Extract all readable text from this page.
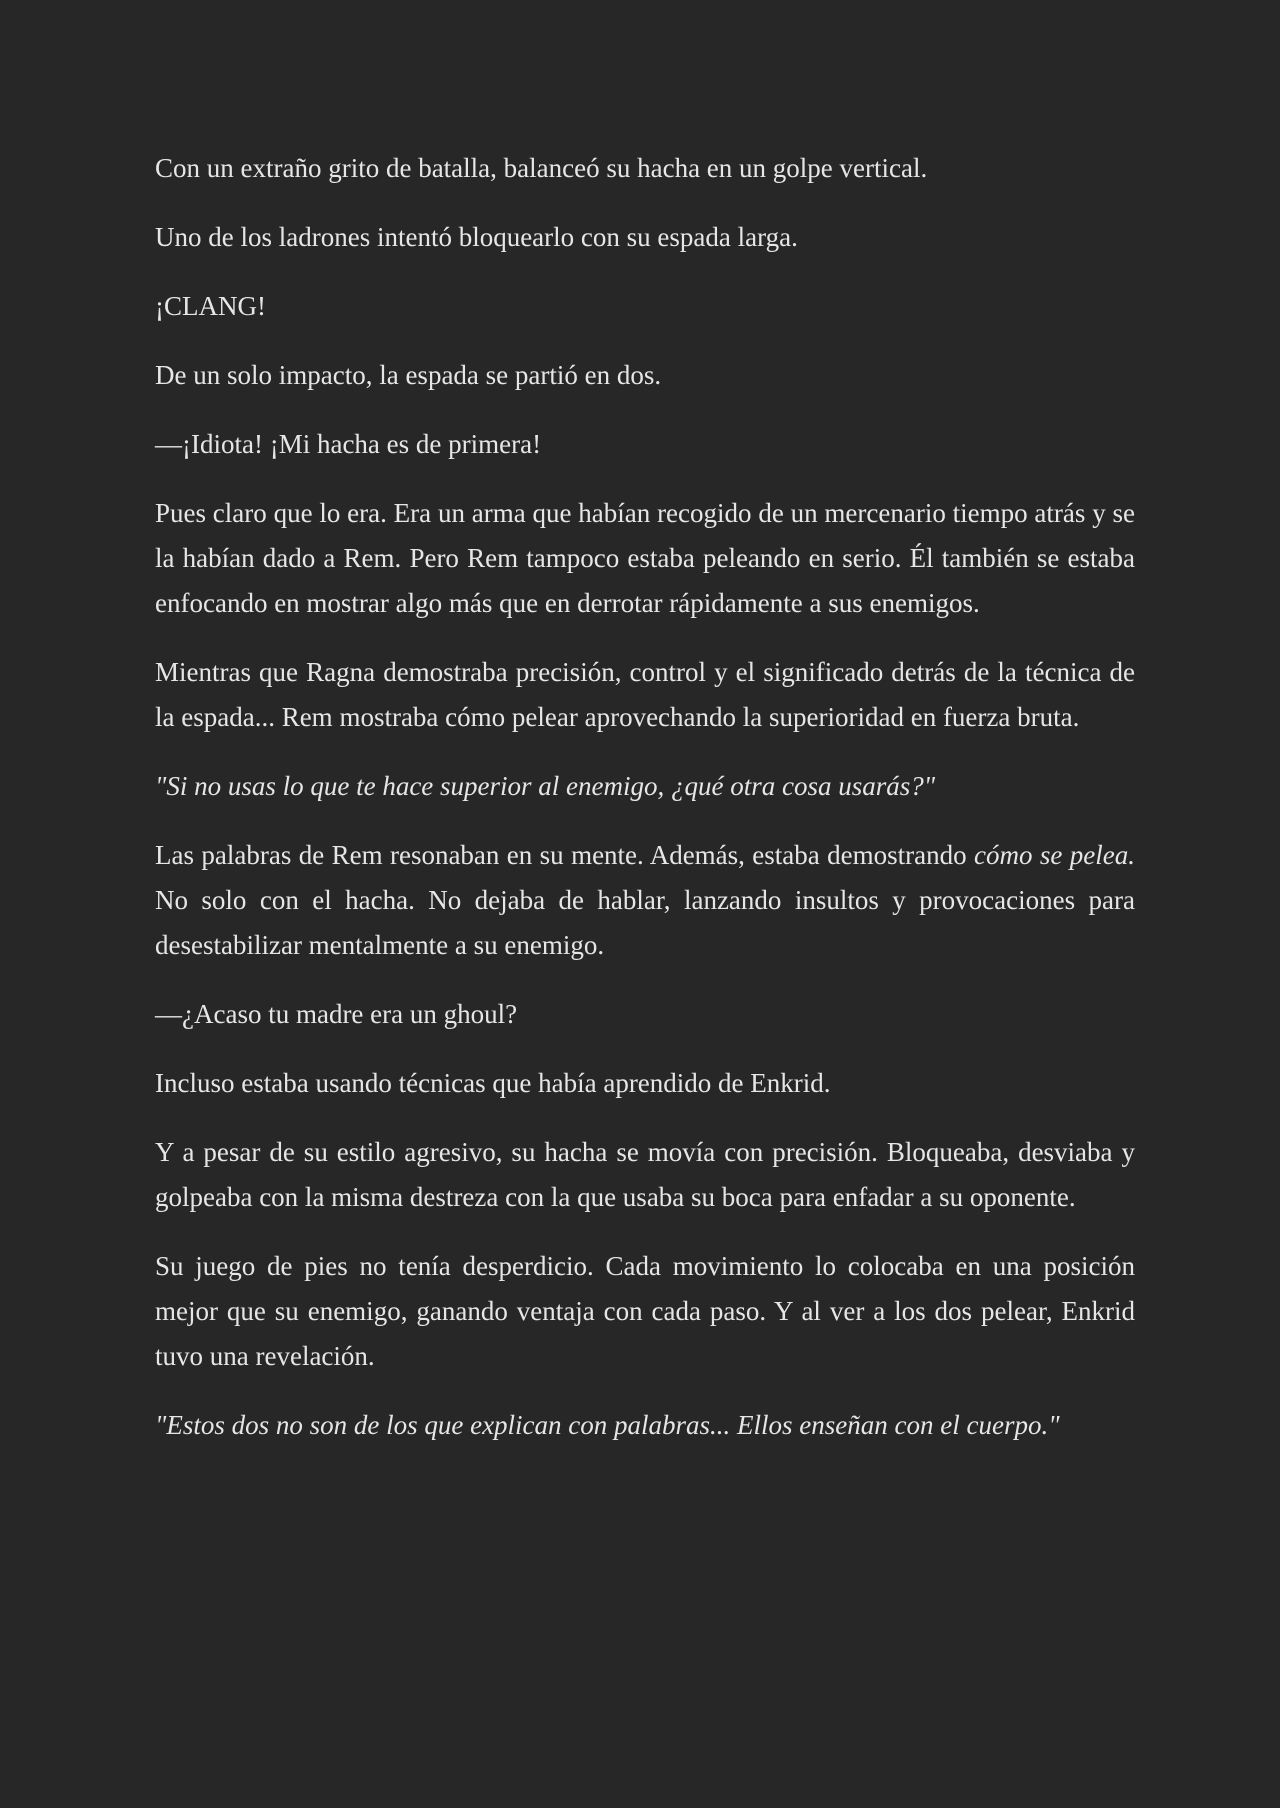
Con un extraño grito de batalla, balanceó su hacha en un golpe vertical.

Uno de los ladrones intentó bloquearlo con su espada larga.

¡CLANG!

De un solo impacto, la espada se partió en dos.

—¡Idiota! ¡Mi hacha es de primera!

Pues claro que lo era. Era un arma que habían recogido de un mercenario tiempo atrás y se la habían dado a Rem. Pero Rem tampoco estaba peleando en serio. Él también se estaba enfocando en mostrar algo más que en derrotar rápidamente a sus enemigos.

Mientras que Ragna demostraba precisión, control y el significado detrás de la técnica de la espada... Rem mostraba cómo pelear aprovechando la superioridad en fuerza bruta.

"Si no usas lo que te hace superior al enemigo, ¿qué otra cosa usarás?"

Las palabras de Rem resonaban en su mente. Además, estaba demostrando cómo se pelea. No solo con el hacha. No dejaba de hablar, lanzando insultos y provocaciones para desestabilizar mentalmente a su enemigo.

—¿Acaso tu madre era un ghoul?

Incluso estaba usando técnicas que había aprendido de Enkrid.

Y a pesar de su estilo agresivo, su hacha se movía con precisión. Bloqueaba, desviaba y golpeaba con la misma destreza con la que usaba su boca para enfadar a su oponente.

Su juego de pies no tenía desperdicio. Cada movimiento lo colocaba en una posición mejor que su enemigo, ganando ventaja con cada paso. Y al ver a los dos pelear, Enkrid tuvo una revelación.

"Estos dos no son de los que explican con palabras... Ellos enseñan con el cuerpo."
